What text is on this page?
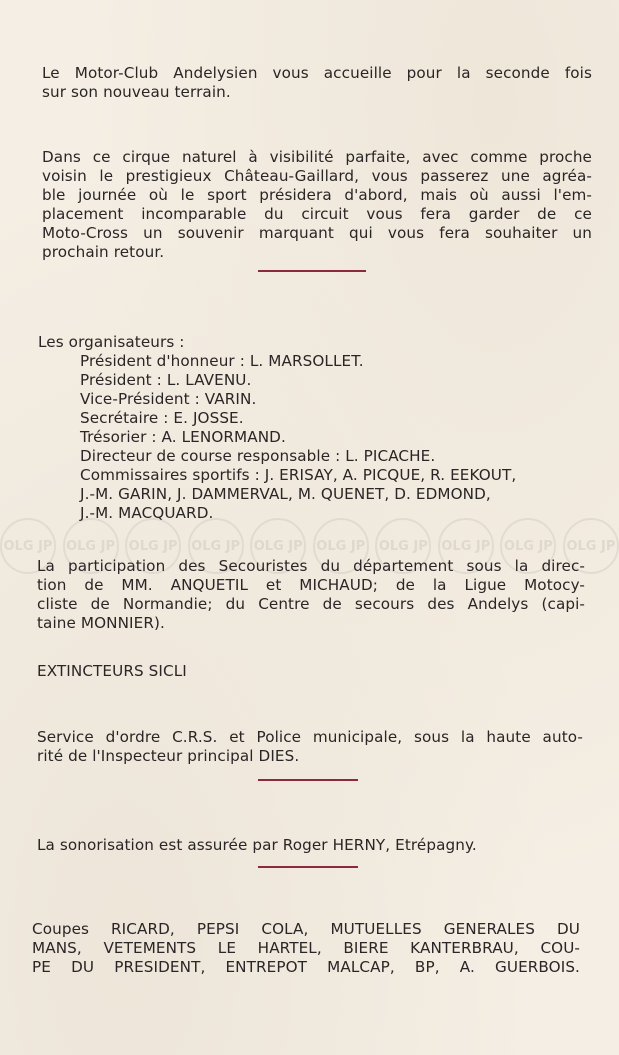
OLG JP OLG JP OLG JP OLG JP OLG JP OLG JP OLG JP OLG JP OLG JP OLG JP
Le Motor-Club Andelysien vous accueille pour la seconde fois
sur son nouveau terrain.
Dans ce cirque naturel à visibilité parfaite, avec comme proche
voisin le prestigieux Château-Gaillard, vous passerez une agréa-
ble journée où le sport présidera d'abord, mais où aussi l'em-
placement incomparable du circuit vous fera garder de ce
Moto-Cross un souvenir marquant qui vous fera souhaiter un
prochain retour.
Les organisateurs :
Président d'honneur : L. MARSOLLET.
Président : L. LAVENU.
Vice-Président : VARIN.
Secrétaire : E. JOSSE.
Trésorier : A. LENORMAND.
Directeur de course responsable : L. PICACHE.
Commissaires sportifs : J. ERISAY, A. PICQUE, R. EEKOUT,
J.-M. GARIN, J. DAMMERVAL, M. QUENET, D. EDMOND,
J.-M. MACQUARD.
La participation des Secouristes du département sous la direc-
tion de MM. ANQUETIL et MICHAUD; de la Ligue Motocy-
cliste de Normandie; du Centre de secours des Andelys (capi-
taine MONNIER).
EXTINCTEURS SICLI
Service d'ordre C.R.S. et Police municipale, sous la haute auto-
rité de l'Inspecteur principal DIES.
La sonorisation est assurée par Roger HERNY, Etrépagny.
Coupes RICARD, PEPSI COLA, MUTUELLES GENERALES DU
MANS, VETEMENTS LE HARTEL, BIERE KANTERBRAU, COU-
PE DU PRESIDENT, ENTREPOT MALCAP, BP, A. GUERBOIS.
